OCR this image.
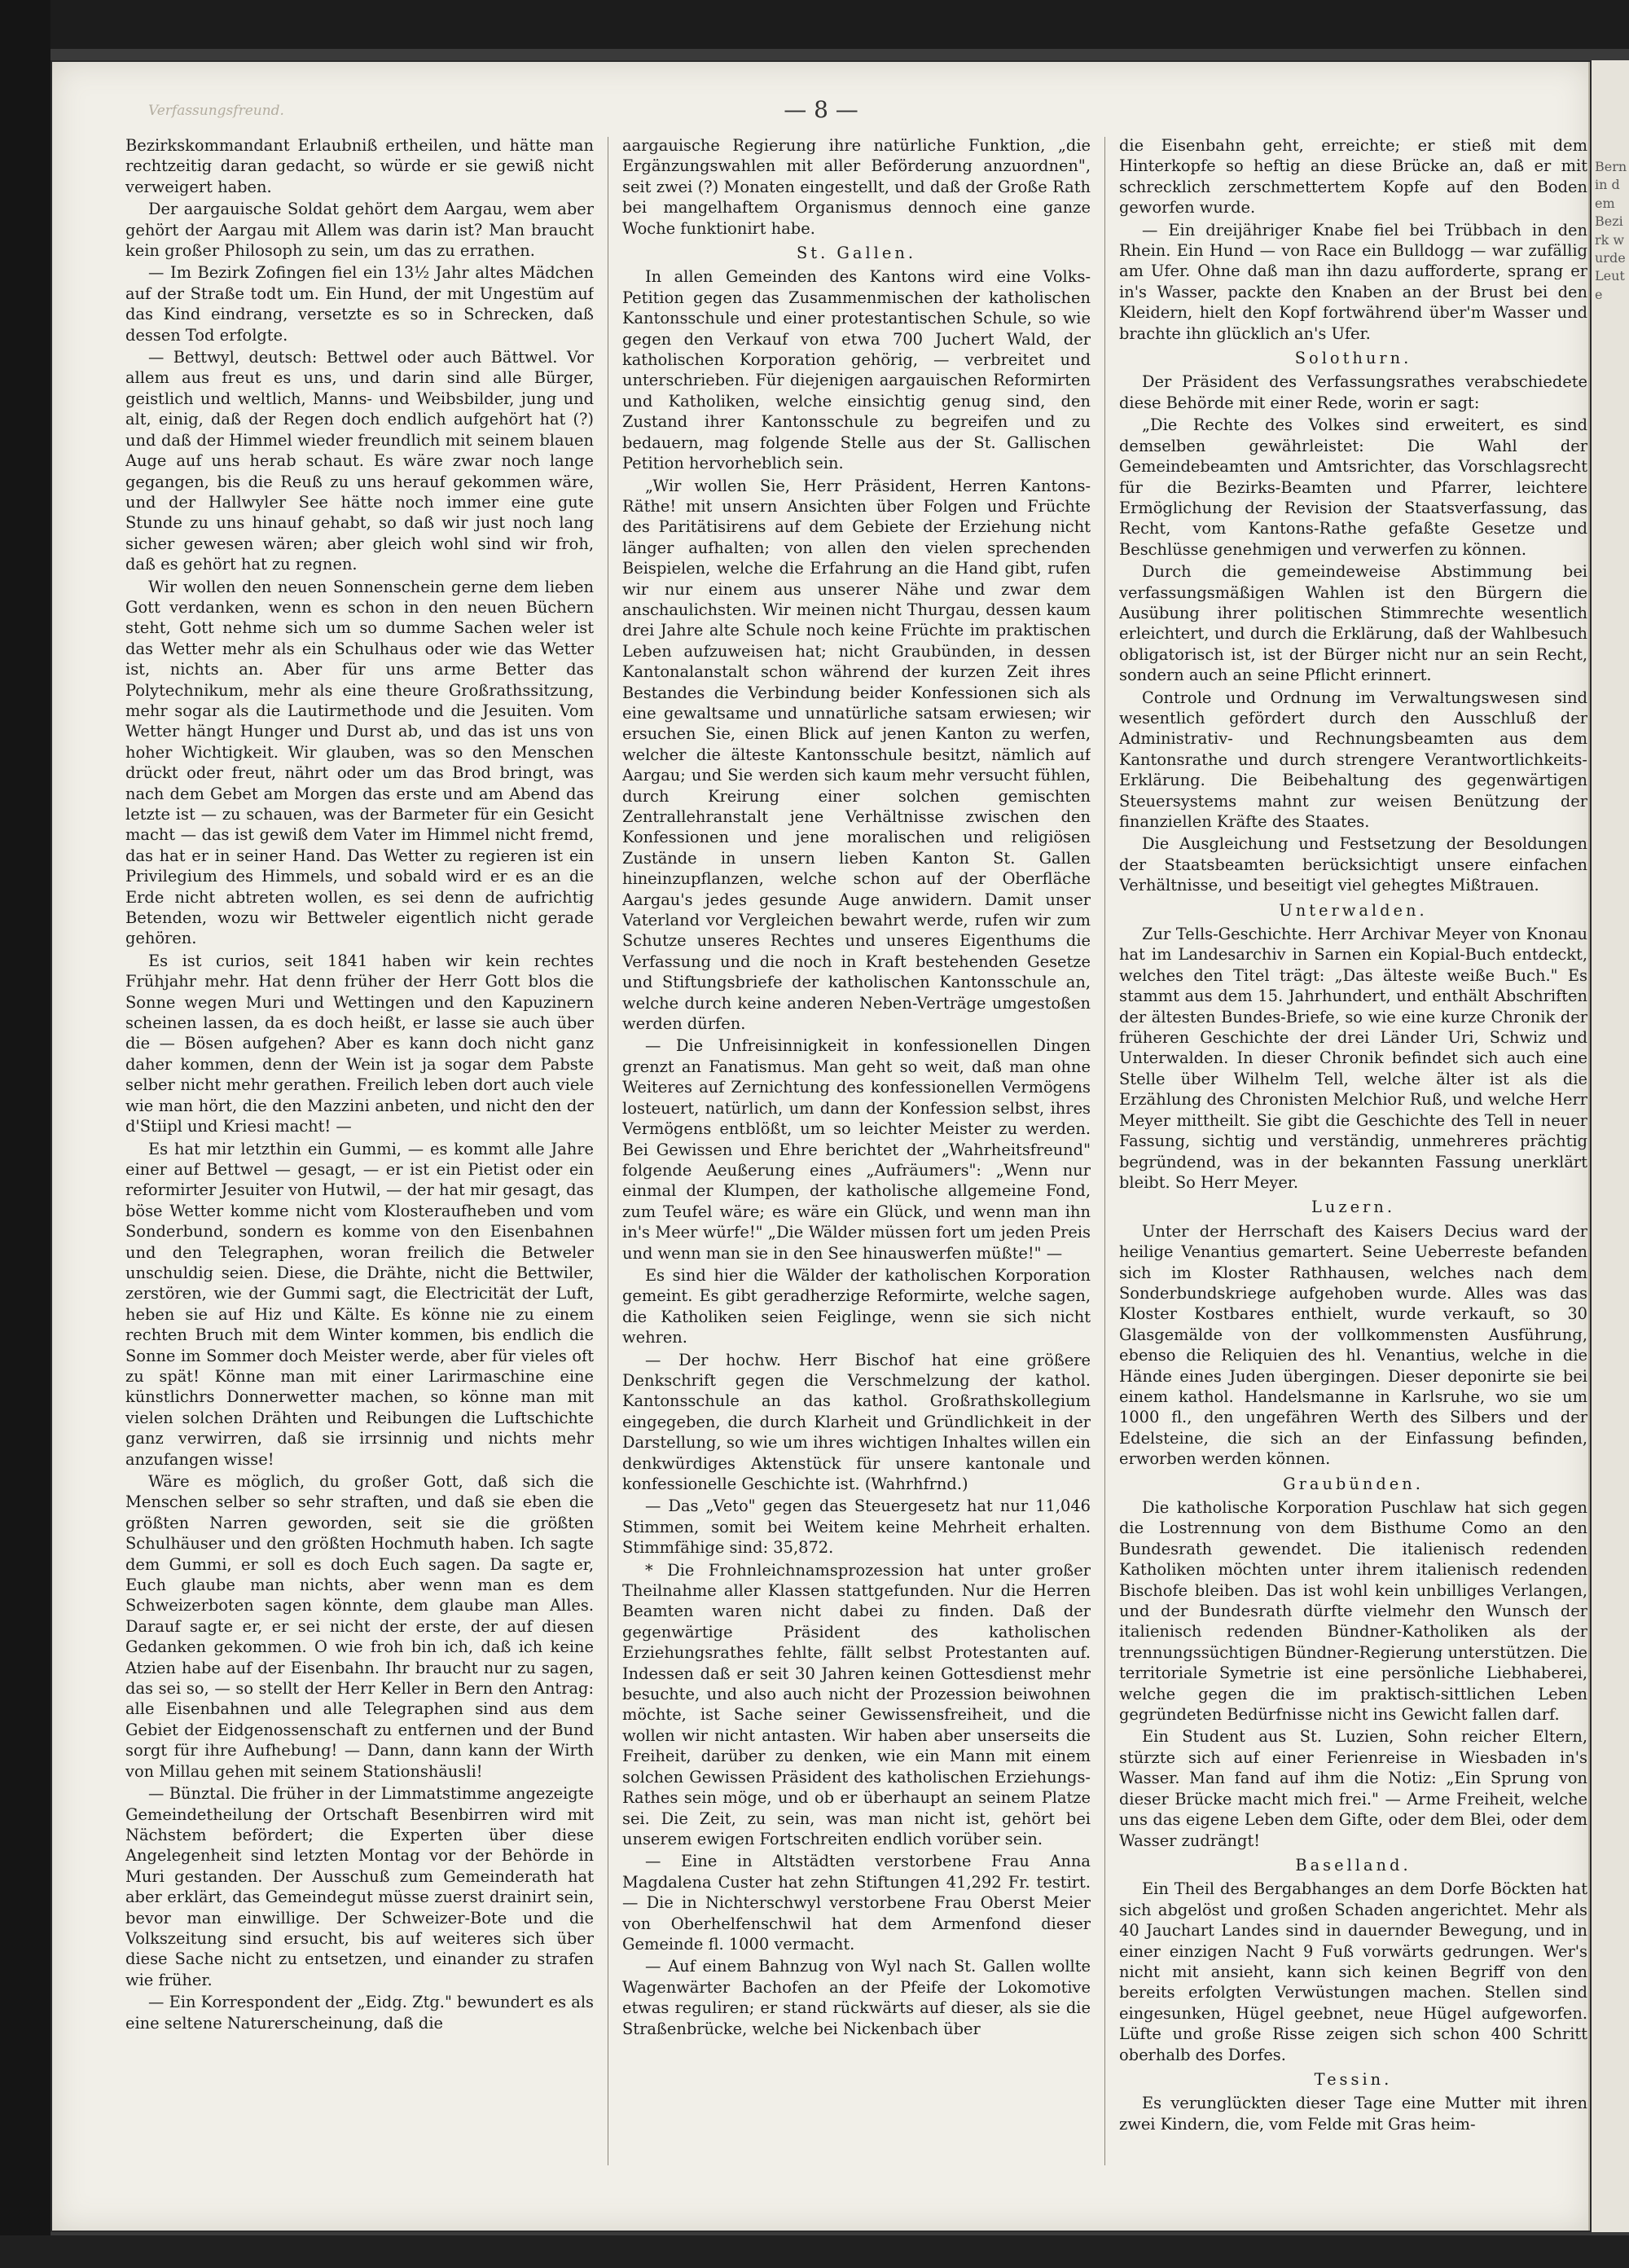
Verfassungsfreund.	— 8 —

Bezirkskommandant Erlaubniß ertheilen, und hätte man rechtzeitig daran gedacht, so würde er sie gewiß nicht verweigert haben.

Der aargauische Soldat gehört dem Aargau, wem aber gehört der Aargau mit Allem was darin ist? Man braucht kein großer Philosoph zu sein, um das zu errathen.

— Im Bezirk Zofingen fiel ein 13½ Jahr altes Mädchen auf der Straße todt um. Ein Hund, der mit Ungestüm auf das Kind eindrang, versetzte es so in Schrecken, daß dessen Tod erfolgte.

— Bettwyl, deutsch: Bettwel oder auch Bättwel. Vor allem aus freut es uns, und darin sind alle Bürger, geistlich und weltlich, Manns- und Weibsbilder, jung und alt, einig, daß der Regen doch endlich aufgehört hat (?) und daß der Himmel wieder freundlich mit seinem blauen Auge auf uns herab schaut. Es wäre zwar noch lange gegangen, bis die Reuß zu uns herauf gekommen wäre, und der Hallwyler See hätte noch immer eine gute Stunde zu uns hinauf gehabt, so daß wir just noch lang sicher gewesen wären; aber gleich wohl sind wir froh, daß es gehört hat zu regnen.

Wir wollen den neuen Sonnenschein gerne dem lieben Gott verdanken, wenn es schon in den neuen Büchern steht, Gott nehme sich um so dumme Sachen weler ist das Wetter mehr als ein Schulhaus oder wie das Wetter ist, nichts an. Aber für uns arme Better das Polytechnikum, mehr als eine theure Großrathssitzung, mehr sogar als die Lautirmethode und die Jesuiten. Vom Wetter hängt Hunger und Durst ab, und das ist uns von hoher Wichtigkeit. Wir glauben, was so den Menschen drückt oder freut, nährt oder um das Brod bringt, was nach dem Gebet am Morgen das erste und am Abend das letzte ist — zu schauen, was der Barmeter für ein Gesicht macht — das ist gewiß dem Vater im Himmel nicht fremd, das hat er in seiner Hand. Das Wetter zu regieren ist ein Privilegium des Himmels, und sobald wird er es an die Erde nicht abtreten wollen, es sei denn de aufrichtig Betenden, wozu wir Bettweler eigentlich nicht gerade gehören.

Es ist curios, seit 1841 haben wir kein rechtes Frühjahr mehr. Hat denn früher der Herr Gott blos die Sonne wegen Muri und Wettingen und den Kapuzinern scheinen lassen, da es doch heißt, er lasse sie auch über die — Bösen aufgehen? Aber es kann doch nicht ganz daher kommen, denn der Wein ist ja sogar dem Pabste selber nicht mehr gerathen. Freilich leben dort auch viele wie man hört, die den Mazzini anbeten, und nicht den der d'Stiipl und Kriesi macht! —

Es hat mir letzthin ein Gummi, — es kommt alle Jahre einer auf Bettwel — gesagt, — er ist ein Pietist oder ein reformirter Jesuiter von Hutwil, — der hat mir gesagt, das böse Wetter komme nicht vom Klosteraufheben und vom Sonderbund, sondern es komme von den Eisenbahnen und den Telegraphen, woran freilich die Betweler unschuldig seien. Diese, die Drähte, nicht die Bettwiler, zerstören, wie der Gummi sagt, die Electricität der Luft, heben sie auf Hiz und Kälte. Es könne nie zu einem rechten Bruch mit dem Winter kommen, bis endlich die Sonne im Sommer doch Meister werde, aber für vieles oft zu spät! Könne man mit einer Larirmaschine eine künstlichrs Donnerwetter machen, so könne man mit vielen solchen Drähten und Reibungen die Luftschichte ganz verwirren, daß sie irrsinnig und nichts mehr anzufangen wisse!

Wäre es möglich, du großer Gott, daß sich die Menschen selber so sehr straften, und daß sie eben die größten Narren geworden, seit sie die größten Schulhäuser und den größten Hochmuth haben. Ich sagte dem Gummi, er soll es doch Euch sagen. Da sagte er, Euch glaube man nichts, aber wenn man es dem Schweizerboten sagen könnte, dem glaube man Alles. Darauf sagte er, er sei nicht der erste, der auf diesen Gedanken gekommen. O wie froh bin ich, daß ich keine Atzien habe auf der Eisenbahn. Ihr braucht nur zu sagen, das sei so, — so stellt der Herr Keller in Bern den Antrag: alle Eisenbahnen und alle Telegraphen sind aus dem Gebiet der Eidgenossenschaft zu entfernen und der Bund sorgt für ihre Aufhebung! — Dann, dann kann der Wirth von Millau gehen mit seinem Stationshäusli!

— Bünztal. Die früher in der Limmatstimme angezeigte Gemeindetheilung der Ortschaft Besenbirren wird mit Nächstem befördert; die Experten über diese Angelegenheit sind letzten Montag vor der Behörde in Muri gestanden. Der Ausschuß zum Gemeinderath hat aber erklärt, das Gemeindegut müsse zuerst drainirt sein, bevor man einwillige. Der Schweizer-Bote und die Volkszeitung sind ersucht, bis auf weiteres sich über diese Sache nicht zu entsetzen, und einander zu strafen wie früher.

— Ein Korrespondent der „Eidg. Ztg." bewundert es als eine seltene Naturerscheinung, daß die

aargauische Regierung ihre natürliche Funktion, „die Ergänzungswahlen mit aller Beförderung anzuordnen", seit zwei (?) Monaten eingestellt, und daß der Große Rath bei mangelhaftem Organismus dennoch eine ganze Woche funktionirt habe.

St. Gallen.

In allen Gemeinden des Kantons wird eine Volks-Petition gegen das Zusammenmischen der katholischen Kantonsschule und einer protestantischen Schule, so wie gegen den Verkauf von etwa 700 Juchert Wald, der katholischen Korporation gehörig, — verbreitet und unterschrieben. Für diejenigen aargauischen Reformirten und Katholiken, welche einsichtig genug sind, den Zustand ihrer Kantonsschule zu begreifen und zu bedauern, mag folgende Stelle aus der St. Gallischen Petition hervorheblich sein.

„Wir wollen Sie, Herr Präsident, Herren Kantons-Räthe! mit unsern Ansichten über Folgen und Früchte des Paritätisirens auf dem Gebiete der Erziehung nicht länger aufhalten; von allen den vielen sprechenden Beispielen, welche die Erfahrung an die Hand gibt, rufen wir nur einem aus unserer Nähe und zwar dem anschaulichsten. Wir meinen nicht Thurgau, dessen kaum drei Jahre alte Schule noch keine Früchte im praktischen Leben aufzuweisen hat; nicht Graubünden, in dessen Kantonalanstalt schon während der kurzen Zeit ihres Bestandes die Verbindung beider Konfessionen sich als eine gewaltsame und unnatürliche satsam erwiesen; wir ersuchen Sie, einen Blick auf jenen Kanton zu werfen, welcher die älteste Kantonsschule besitzt, nämlich auf Aargau; und Sie werden sich kaum mehr versucht fühlen, durch Kreirung einer solchen gemischten Zentrallehranstalt jene Verhältnisse zwischen den Konfessionen und jene moralischen und religiösen Zustände in unsern lieben Kanton St. Gallen hineinzupflanzen, welche schon auf der Oberfläche Aargau's jedes gesunde Auge anwidern. Damit unser Vaterland vor Vergleichen bewahrt werde, rufen wir zum Schutze unseres Rechtes und unseres Eigenthums die Verfassung und die noch in Kraft bestehenden Gesetze und Stiftungsbriefe der katholischen Kantonsschule an, welche durch keine anderen Neben-Verträge umgestoßen werden dürfen.

— Die Unfreisinnigkeit in konfessionellen Dingen grenzt an Fanatismus. Man geht so weit, daß man ohne Weiteres auf Zernichtung des konfessionellen Vermögens losteuert, natürlich, um dann der Konfession selbst, ihres Vermögens entblößt, um so leichter Meister zu werden. Bei Gewissen und Ehre berichtet der „Wahrheitsfreund" folgende Aeußerung eines „Aufräumers": „Wenn nur einmal der Klumpen, der katholische allgemeine Fond, zum Teufel wäre; es wäre ein Glück, und wenn man ihn in's Meer würfe!" „Die Wälder müssen fort um jeden Preis und wenn man sie in den See hinauswerfen müßte!" —

Es sind hier die Wälder der katholischen Korporation gemeint. Es gibt geradherzige Reformirte, welche sagen, die Katholiken seien Feiglinge, wenn sie sich nicht wehren.

— Der hochw. Herr Bischof hat eine größere Denkschrift gegen die Verschmelzung der kathol. Kantonsschule an das kathol. Großrathskollegium eingegeben, die durch Klarheit und Gründlichkeit in der Darstellung, so wie um ihres wichtigen Inhaltes willen ein denkwürdiges Aktenstück für unsere kantonale und konfessionelle Geschichte ist. (Wahrhfrnd.)

— Das „Veto" gegen das Steuergesetz hat nur 11,046 Stimmen, somit bei Weitem keine Mehrheit erhalten. Stimmfähige sind: 35,872.

* Die Frohnleichnamsprozession hat unter großer Theilnahme aller Klassen stattgefunden. Nur die Herren Beamten waren nicht dabei zu finden. Daß der gegenwärtige Präsident des katholischen Erziehungsrathes fehlte, fällt selbst Protestanten auf. Indessen daß er seit 30 Jahren keinen Gottesdienst mehr besuchte, und also auch nicht der Prozession beiwohnen möchte, ist Sache seiner Gewissensfreiheit, und die wollen wir nicht antasten. Wir haben aber unserseits die Freiheit, darüber zu denken, wie ein Mann mit einem solchen Gewissen Präsident des katholischen Erziehungs-Rathes sein möge, und ob er überhaupt an seinem Platze sei. Die Zeit, zu sein, was man nicht ist, gehört bei unserem ewigen Fortschreiten endlich vorüber sein.

— Eine in Altstädten verstorbene Frau Anna Magdalena Custer hat zehn Stiftungen 41,292 Fr. testirt. — Die in Nichterschwyl verstorbene Frau Oberst Meier von Oberhelfenschwil hat dem Armenfond dieser Gemeinde fl. 1000 vermacht.

— Auf einem Bahnzug von Wyl nach St. Gallen wollte Wagenwärter Bachofen an der Pfeife der Lokomotive etwas reguliren; er stand rückwärts auf dieser, als sie die Straßenbrücke, welche bei Nickenbach über

die Eisenbahn geht, erreichte; er stieß mit dem Hinterkopfe so heftig an diese Brücke an, daß er mit schrecklich zerschmettertem Kopfe auf den Boden geworfen wurde.

— Ein dreijähriger Knabe fiel bei Trübbach in den Rhein. Ein Hund — von Race ein Bulldogg — war zufällig am Ufer. Ohne daß man ihn dazu aufforderte, sprang er in's Wasser, packte den Knaben an der Brust bei den Kleidern, hielt den Kopf fortwährend über'm Wasser und brachte ihn glücklich an's Ufer.

Solothurn.

Der Präsident des Verfassungsrathes verabschiedete diese Behörde mit einer Rede, worin er sagt:

„Die Rechte des Volkes sind erweitert, es sind demselben gewährleistet: Die Wahl der Gemeindebeamten und Amtsrichter, das Vorschlagsrecht für die Bezirks-Beamten und Pfarrer, leichtere Ermöglichung der Revision der Staatsverfassung, das Recht, vom Kantons-Rathe gefaßte Gesetze und Beschlüsse genehmigen und verwerfen zu können.

Durch die gemeindeweise Abstimmung bei verfassungsmäßigen Wahlen ist den Bürgern die Ausübung ihrer politischen Stimmrechte wesentlich erleichtert, und durch die Erklärung, daß der Wahlbesuch obligatorisch ist, ist der Bürger nicht nur an sein Recht, sondern auch an seine Pflicht erinnert.

Controle und Ordnung im Verwaltungswesen sind wesentlich gefördert durch den Ausschluß der Administrativ- und Rechnungsbeamten aus dem Kantonsrathe und durch strengere Verantwortlichkeits-Erklärung. Die Beibehaltung des gegenwärtigen Steuersystems mahnt zur weisen Benützung der finanziellen Kräfte des Staates.

Die Ausgleichung und Festsetzung der Besoldungen der Staatsbeamten berücksichtigt unsere einfachen Verhältnisse, und beseitigt viel gehegtes Mißtrauen.

Unterwalden.

Zur Tells-Geschichte. Herr Archivar Meyer von Knonau hat im Landesarchiv in Sarnen ein Kopial-Buch entdeckt, welches den Titel trägt: „Das älteste weiße Buch." Es stammt aus dem 15. Jahrhundert, und enthält Abschriften der ältesten Bundes-Briefe, so wie eine kurze Chronik der früheren Geschichte der drei Länder Uri, Schwiz und Unterwalden. In dieser Chronik befindet sich auch eine Stelle über Wilhelm Tell, welche älter ist als die Erzählung des Chronisten Melchior Ruß, und welche Herr Meyer mittheilt. Sie gibt die Geschichte des Tell in neuer Fassung, sichtig und verständig, unmehreres prächtig begründend, was in der bekannten Fassung unerklärt bleibt. So Herr Meyer.

Luzern.

Unter der Herrschaft des Kaisers Decius ward der heilige Venantius gemartert. Seine Ueberreste befanden sich im Kloster Rathhausen, welches nach dem Sonderbundskriege aufgehoben wurde. Alles was das Kloster Kostbares enthielt, wurde verkauft, so 30 Glasgemälde von der vollkommensten Ausführung, ebenso die Reliquien des hl. Venantius, welche in die Hände eines Juden übergingen. Dieser deponirte sie bei einem kathol. Handelsmanne in Karlsruhe, wo sie um 1000 fl., den ungefähren Werth des Silbers und der Edelsteine, die sich an der Einfassung befinden, erworben werden können.

Graubünden.

Die katholische Korporation Puschlaw hat sich gegen die Lostrennung von dem Bisthume Como an den Bundesrath gewendet. Die italienisch redenden Katholiken möchten unter ihrem italienisch redenden Bischofe bleiben. Das ist wohl kein unbilliges Verlangen, und der Bundesrath dürfte vielmehr den Wunsch der italienisch redenden Bündner-Katholiken als der trennungssüchtigen Bündner-Regierung unterstützen. Die territoriale Symetrie ist eine persönliche Liebhaberei, welche gegen die im praktisch-sittlichen Leben gegründeten Bedürfnisse nicht ins Gewicht fallen darf.

Ein Student aus St. Luzien, Sohn reicher Eltern, stürzte sich auf einer Ferienreise in Wiesbaden in's Wasser. Man fand auf ihm die Notiz: „Ein Sprung von dieser Brücke macht mich frei." — Arme Freiheit, welche uns das eigene Leben dem Gifte, oder dem Blei, oder dem Wasser zudrängt!

Baselland.

Ein Theil des Bergabhanges an dem Dorfe Böckten hat sich abgelöst und großen Schaden angerichtet. Mehr als 40 Jauchart Landes sind in dauernder Bewegung, und in einer einzigen Nacht 9 Fuß vorwärts gedrungen. Wer's nicht mit ansieht, kann sich keinen Begriff von den bereits erfolgten Verwüstungen machen. Stellen sind eingesunken, Hügel geebnet, neue Hügel aufgeworfen. Lüfte und große Risse zeigen sich schon 400 Schritt oberhalb des Dorfes.

Tessin.

Es verunglückten dieser Tage eine Mutter mit ihren zwei Kindern, die, vom Felde mit Gras heim-

Bern in dem Bezirk wurde Leute
